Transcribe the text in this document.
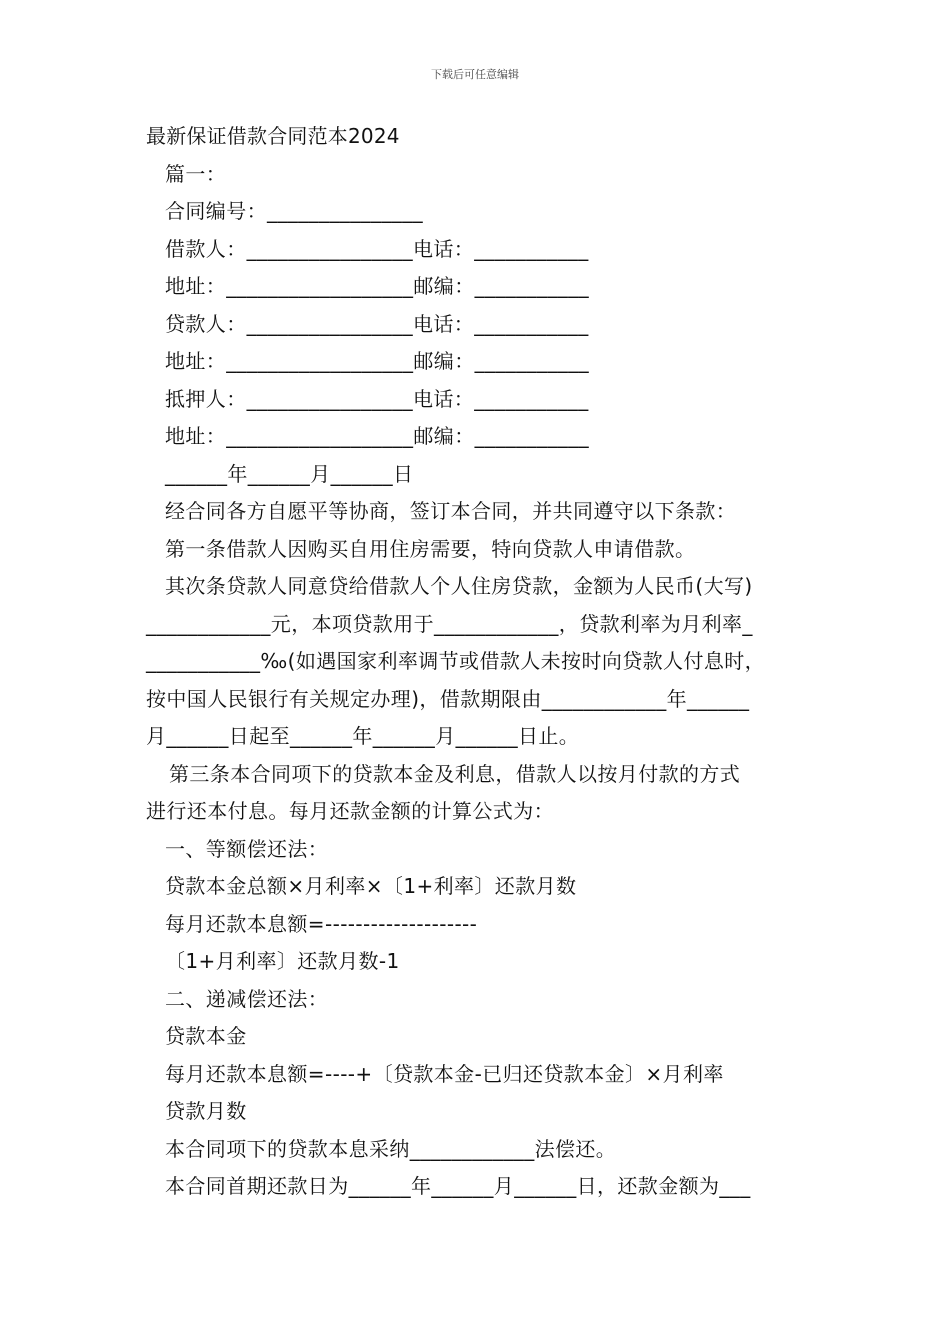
下载后可任意编辑
最新保证借款合同范本2024
篇一：
合同编号：_______________
借款人：________________电话：___________
地址：__________________邮编：___________
贷款人：________________电话：___________
地址：__________________邮编：___________
抵押人：________________电话：___________
地址：__________________邮编：___________
______年______月______日
经合同各方自愿平等协商，签订本合同，并共同遵守以下条款：
第一条借款人因购买自用住房需要，特向贷款人申请借款。
其次条贷款人同意贷给借款人个人住房贷款，金额为人民币(大写)
____________元，本项贷款用于____________，贷款利率为月利率_
___________‰(如遇国家利率调节或借款人未按时向贷款人付息时，
按中国人民银行有关规定办理)，借款期限由____________年______
月______日起至______年______月______日止。
第三条本合同项下的贷款本金及利息，借款人以按月付款的方式
进行还本付息。每月还款金额的计算公式为：
一、等额偿还法：
贷款本金总额×月利率×〔1+利率〕还款月数
每月还款本息额=--------------------
〔1+月利率〕还款月数-1
二、递减偿还法：
贷款本金
每月还款本息额=----+〔贷款本金-已归还贷款本金〕×月利率
贷款月数
本合同项下的贷款本息采纳____________法偿还。
本合同首期还款日为______年______月______日，还款金额为___
